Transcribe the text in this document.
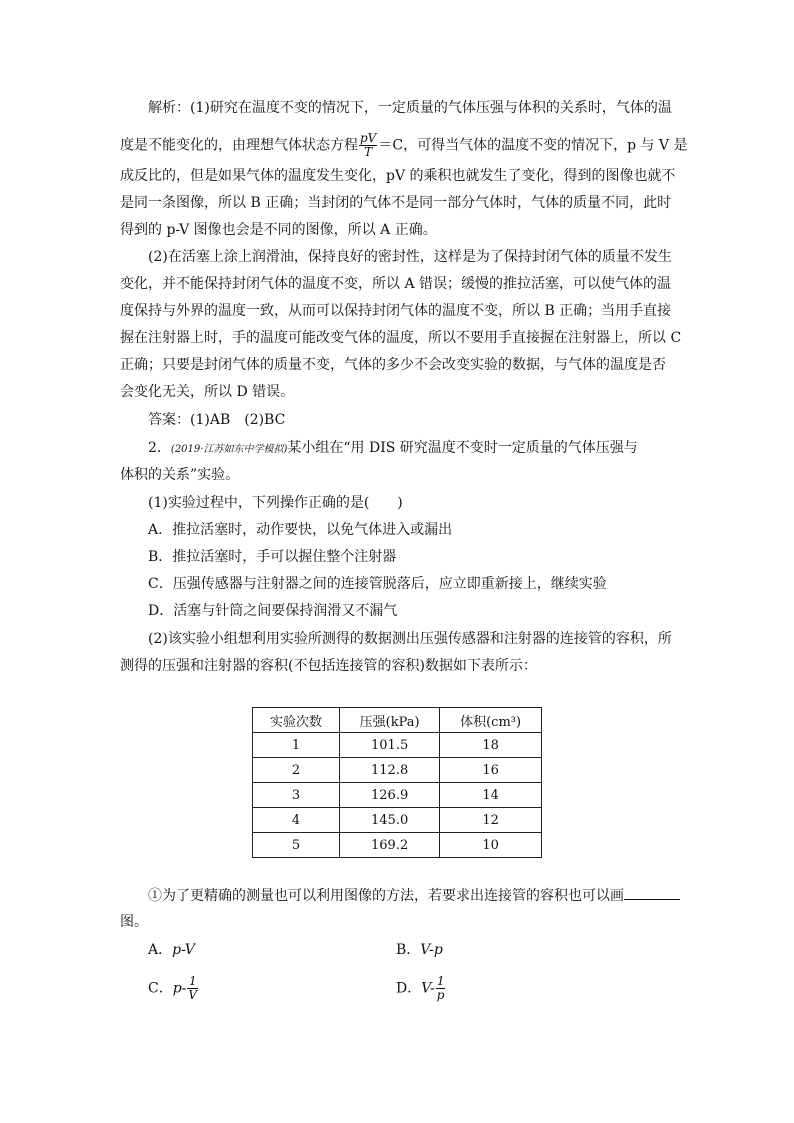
解析：(1)研究在温度不变的情况下，一定质量的气体压强与体积的关系时，气体的温
度是不能变化的，由理想气体状态方程 $\frac{pV}{T} =C$，可得当气体的温度不变的情况下，p 与 V 是
成反比的，但是如果气体的温度发生变化，pV 的乘积也就发生了变化，得到的图像也就不
是同一条图像，所以 B 正确；当封闭的气体不是同一部分气体时，气体的质量不同，此时
得到的 p-V 图像也会是不同的图像，所以 A 正确。
(2)在活塞上涂上润滑油，保持良好的密封性，这样是为了保持封闭气体的质量不发生
变化，并不能保持封闭气体的温度不变，所以 A 错误；缓慢的推拉活塞，可以使气体的温
度保持与外界的温度一致，从而可以保持封闭气体的温度不变，所以 B 正确；当用手直接
握在注射器上时，手的温度可能改变气体的温度，所以不要用手直接握在注射器上，所以 C
正确；只要是封闭气体的质量不变，气体的多少不会改变实验的数据，与气体的温度是否
会变化无关，所以 D 错误。
答案：(1)AB　(2)BC
2．(2019·江苏如东中学模拟)某小组在“用 DIS 研究温度不变时一定质量的气体压强与
体积的关系”实验。
(1)实验过程中，下列操作正确的是(　　)
A．推拉活塞时，动作要快，以免气体进入或漏出
B．推拉活塞时，手可以握住整个注射器
C．压强传感器与注射器之间的连接管脱落后，应立即重新接上，继续实验
D．活塞与针筒之间要保持润滑又不漏气
(2)该实验小组想利用实验所测得的数据测出压强传感器和注射器的连接管的容积，所
测得的压强和注射器的容积(不包括连接管的容积)数据如下表所示：
实验次数	压强(kPa)	体积(cm³)
1	101.5	18
2	112.8	16
3	126.9	14
4	145.0	12
5	169.2	10
①为了更精确的测量也可以利用图像的方法，若要求出连接管的容积也可以画
图。
A．p-V	B．V-p
C．$p- \frac{1}{V}$	D．$V- \frac{1}{p}$
